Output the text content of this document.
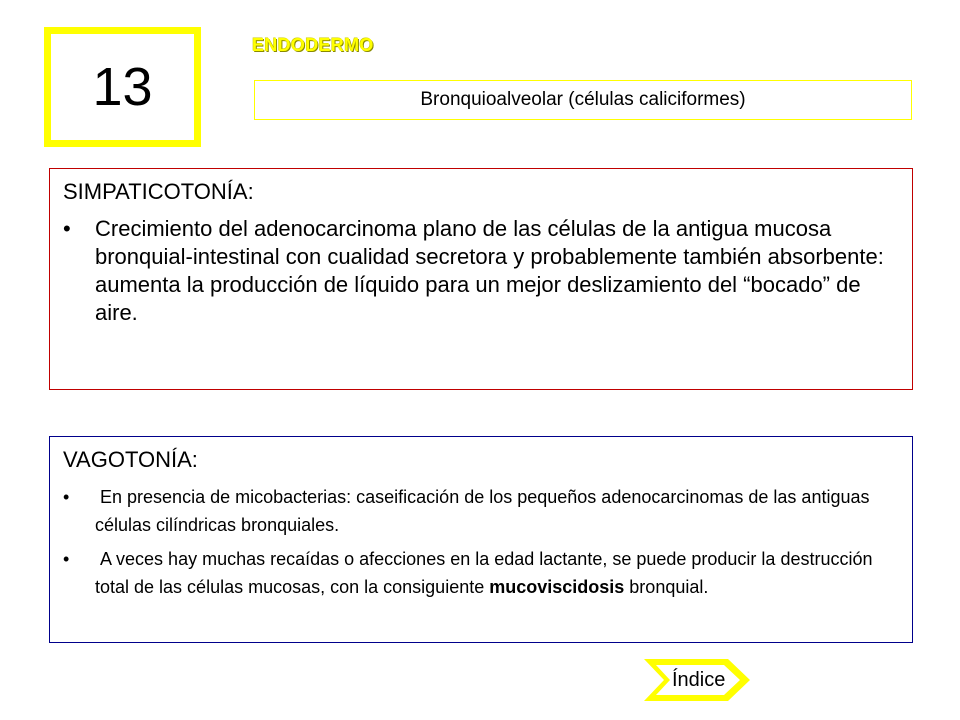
13
ENDODERMO
Bronquioalveolar (células caliciformes)
SIMPATICOTONÍA:
•	Crecimiento del adenocarcinoma plano de las células de la antigua mucosa bronquial-intestinal con cualidad secretora y probablemente también absorbente: aumenta la producción de líquido para un mejor deslizamiento del “bocado” de aire.
VAGOTONÍA:
•	En presencia de micobacterias: caseificación de los pequeños adenocarcinomas de las antiguas células cilíndricas bronquiales.
•	A veces hay muchas recaídas o afecciones en la edad lactante, se puede producir la destrucción total de las células mucosas, con la consiguiente mucoviscidosis bronquial.
Índice
